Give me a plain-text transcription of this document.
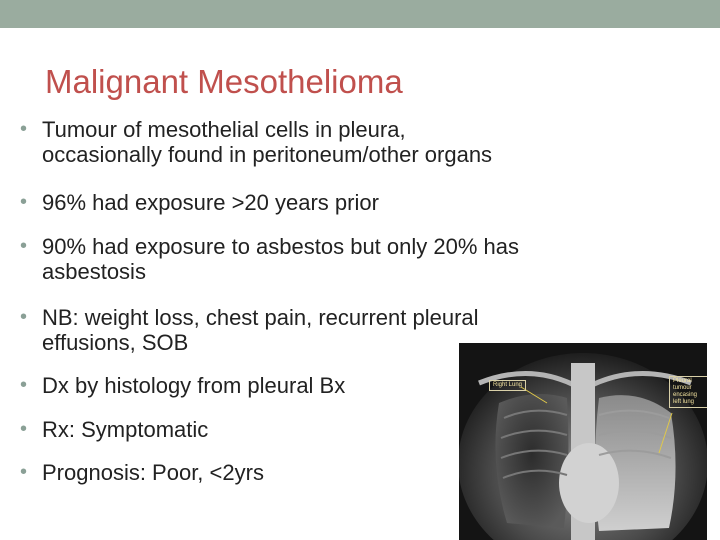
Malignant Mesothelioma
• Tumour of mesothelial cells in pleura,
occasionally found in peritoneum/other organs
• 96% had exposure >20 years prior
• 90% had exposure to asbestos but only 20% has
asbestosis
• NB: weight loss, chest pain, recurrent pleural
effusions, SOB
• Dx by histology from pleural Bx
• Rx: Symptomatic
• Prognosis: Poor, <2yrs
Right Lung
Pleural
tumour
encasing
left lung
